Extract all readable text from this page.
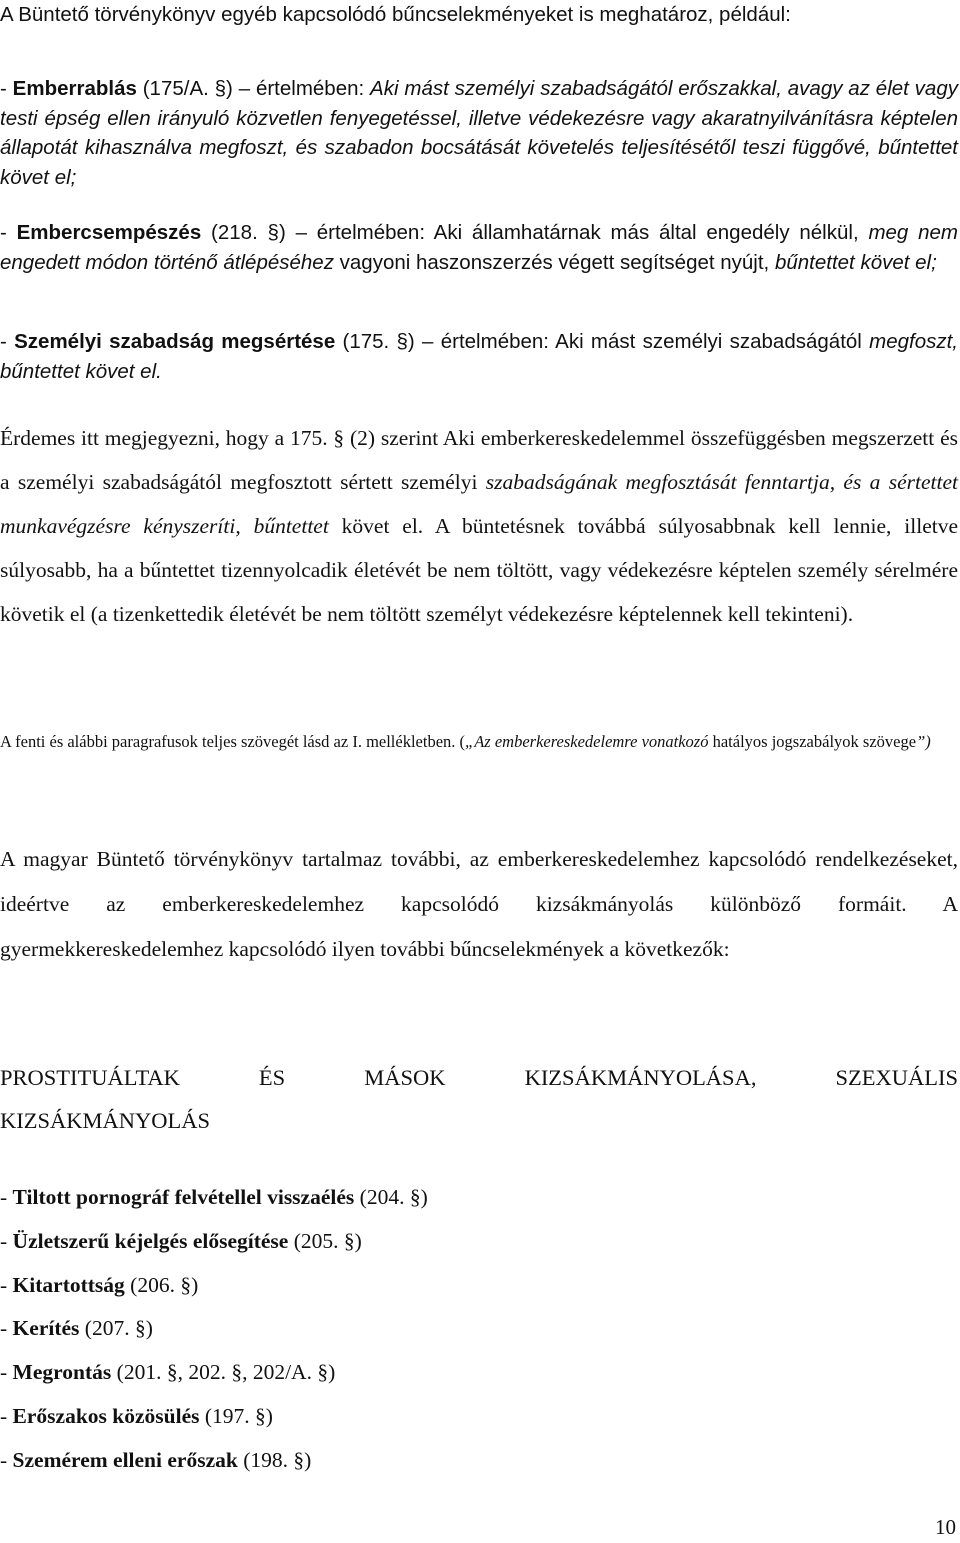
A Büntető törvénykönyv egyéb kapcsolódó bűncselekményeket is meghatároz, például:

- Emberrablás (175/A. §) – értelmében: Aki mást személyi szabadságától erőszakkal, avagy az élet vagy testi épség ellen irányuló közvetlen fenyegetéssel, illetve védekezésre vagy akaratnyilvánításra képtelen állapotát kihasználva megfoszt, és szabadon bocsátását követelés teljesítésétől teszi függővé, bűntettet követ el;

- Embercsempészés (218. §) – értelmében: Aki államhatárnak más által engedély nélkül, meg nem engedett módon történő átlépéséhez vagyoni haszonszerzés végett segítséget nyújt, bűntettet követ el;

- Személyi szabadság megsértése (175. §) – értelmében: Aki mást személyi szabadságától megfoszt, bűntettet követ el.

Érdemes itt megjegyezni, hogy a 175. § (2) szerint Aki emberkereskedelemmel összefüggésben megszerzett és a személyi szabadságától megfosztott sértett személyi szabadságának megfosztását fenntartja, és a sértettet munkavégzésre kényszeríti, bűntettet követ el. A büntetésnek továbbá súlyosabbnak kell lennie, illetve súlyosabb, ha a bűntettet tizennyolcadik életévét be nem töltött, vagy védekezésre képtelen személy sérelmére követik el (a tizenkettedik életévét be nem töltött személyt védekezésre képtelennek kell tekinteni).

A fenti és alábbi paragrafusok teljes szövegét lásd az I. mellékletben. („Az emberkereskedelemre vonatkozó hatályos jogszabályok szövege”)

A magyar Büntető törvénykönyv tartalmaz további, az emberkereskedelemhez kapcsolódó rendelkezéseket, ideértve az emberkereskedelemhez kapcsolódó kizsákmányolás különböző formáit. A gyermekkereskedelemhez kapcsolódó ilyen további bűncselekmények a következők:

PROSTITUÁLTAK ÉS MÁSOK KIZSÁKMÁNYOLÁSA, SZEXUÁLIS
KIZSÁKMÁNYOLÁS
- Tiltott pornográf felvétellel visszaélés (204. §)
- Üzletszerű kéjelgés elősegítése (205. §)
- Kitartottság (206. §)
- Kerítés (207. §)
- Megrontás (201. §, 202. §, 202/A. §)
- Erőszakos közösülés (197. §)
- Szemérem elleni erőszak (198. §)
10
